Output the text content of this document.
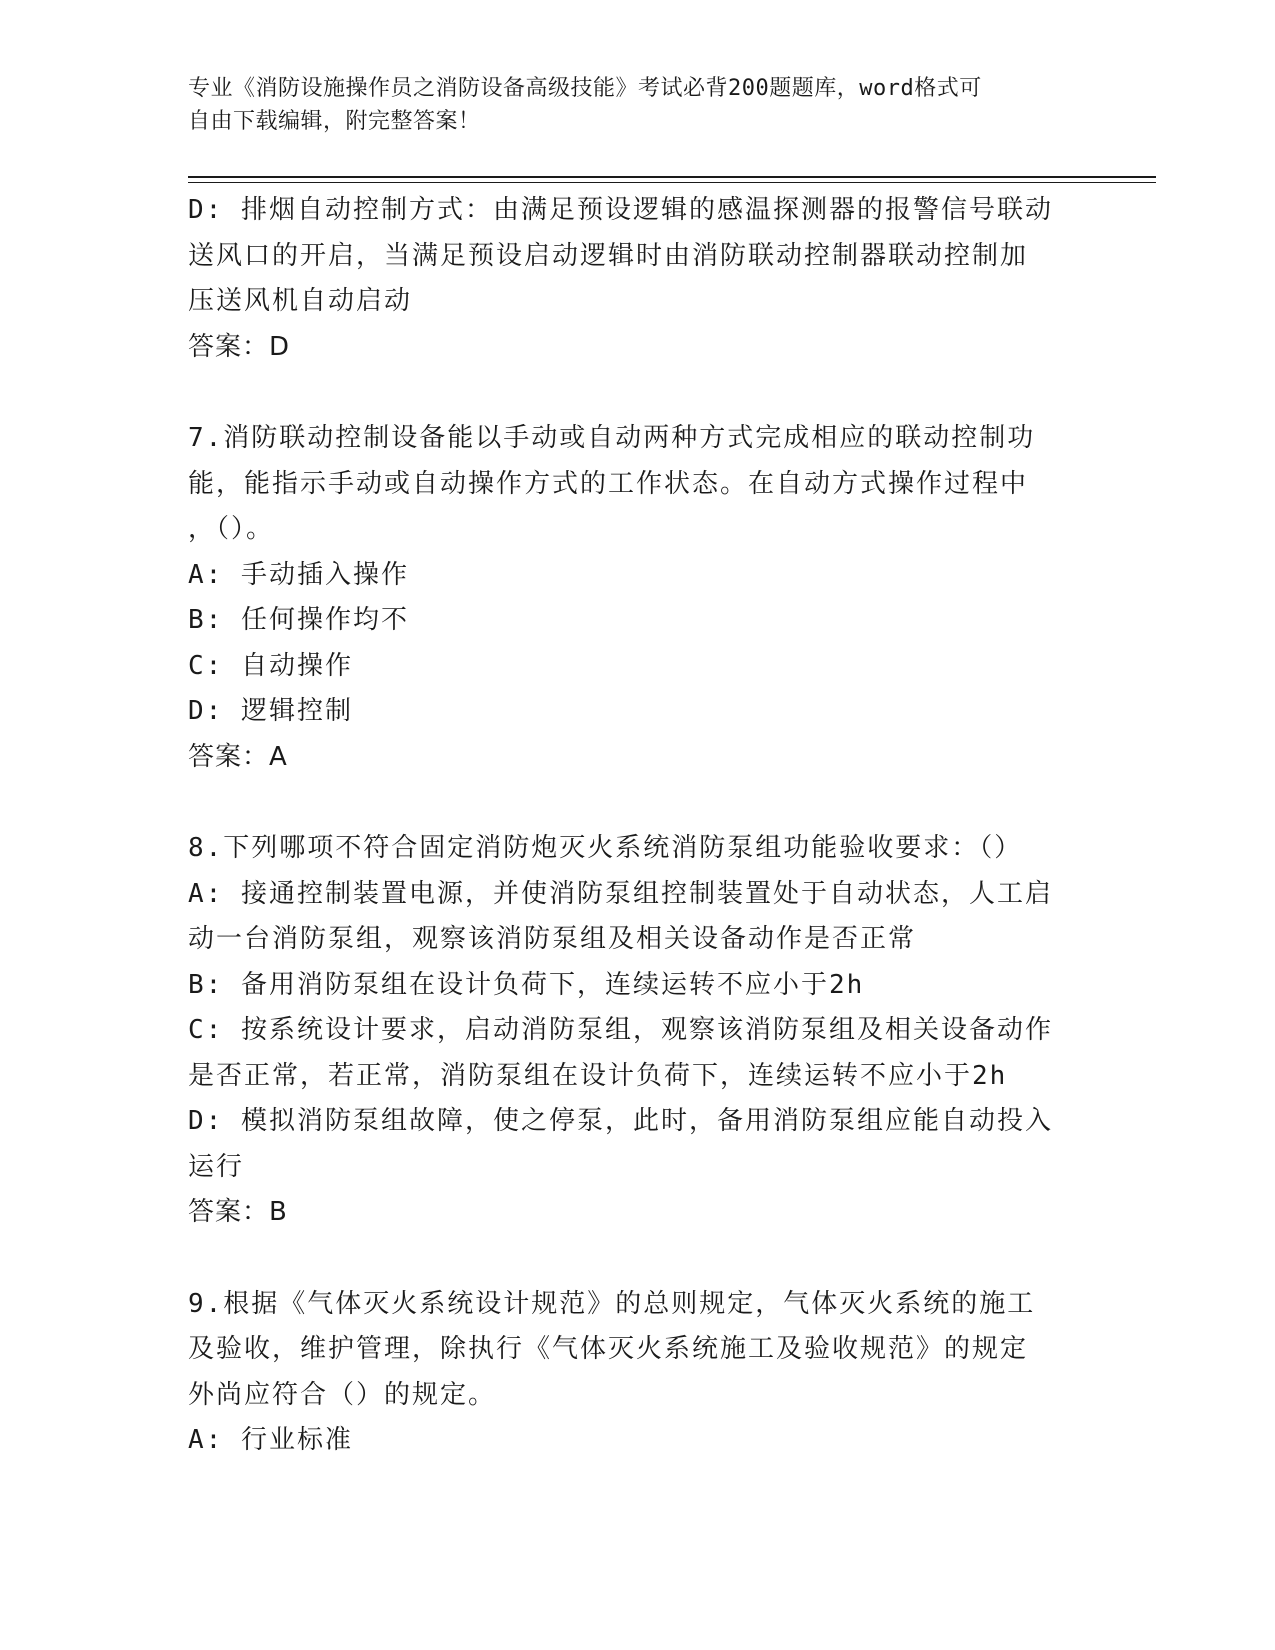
专业《消防设施操作员之消防设备高级技能》考试必背200题题库，word格式可
自由下载编辑，附完整答案！
D: 排烟自动控制方式：由满足预设逻辑的感温探测器的报警信号联动
送风口的开启，当满足预设启动逻辑时由消防联动控制器联动控制加
压送风机自动启动
答案：D
7.消防联动控制设备能以手动或自动两种方式完成相应的联动控制功
能，能指示手动或自动操作方式的工作状态。在自动方式操作过程中
，（）。
A: 手动插入操作
B: 任何操作均不
C: 自动操作
D: 逻辑控制
答案：A
8.下列哪项不符合固定消防炮灭火系统消防泵组功能验收要求：（）
A: 接通控制装置电源，并使消防泵组控制装置处于自动状态，人工启
动一台消防泵组，观察该消防泵组及相关设备动作是否正常
B: 备用消防泵组在设计负荷下，连续运转不应小于2h
C: 按系统设计要求，启动消防泵组，观察该消防泵组及相关设备动作
是否正常，若正常，消防泵组在设计负荷下，连续运转不应小于2h
D: 模拟消防泵组故障，使之停泵，此时，备用消防泵组应能自动投入
运行
答案：B
9.根据《气体灭火系统设计规范》的总则规定，气体灭火系统的施工
及验收，维护管理，除执行《气体灭火系统施工及验收规范》的规定
外尚应符合（）的规定。
A: 行业标准
